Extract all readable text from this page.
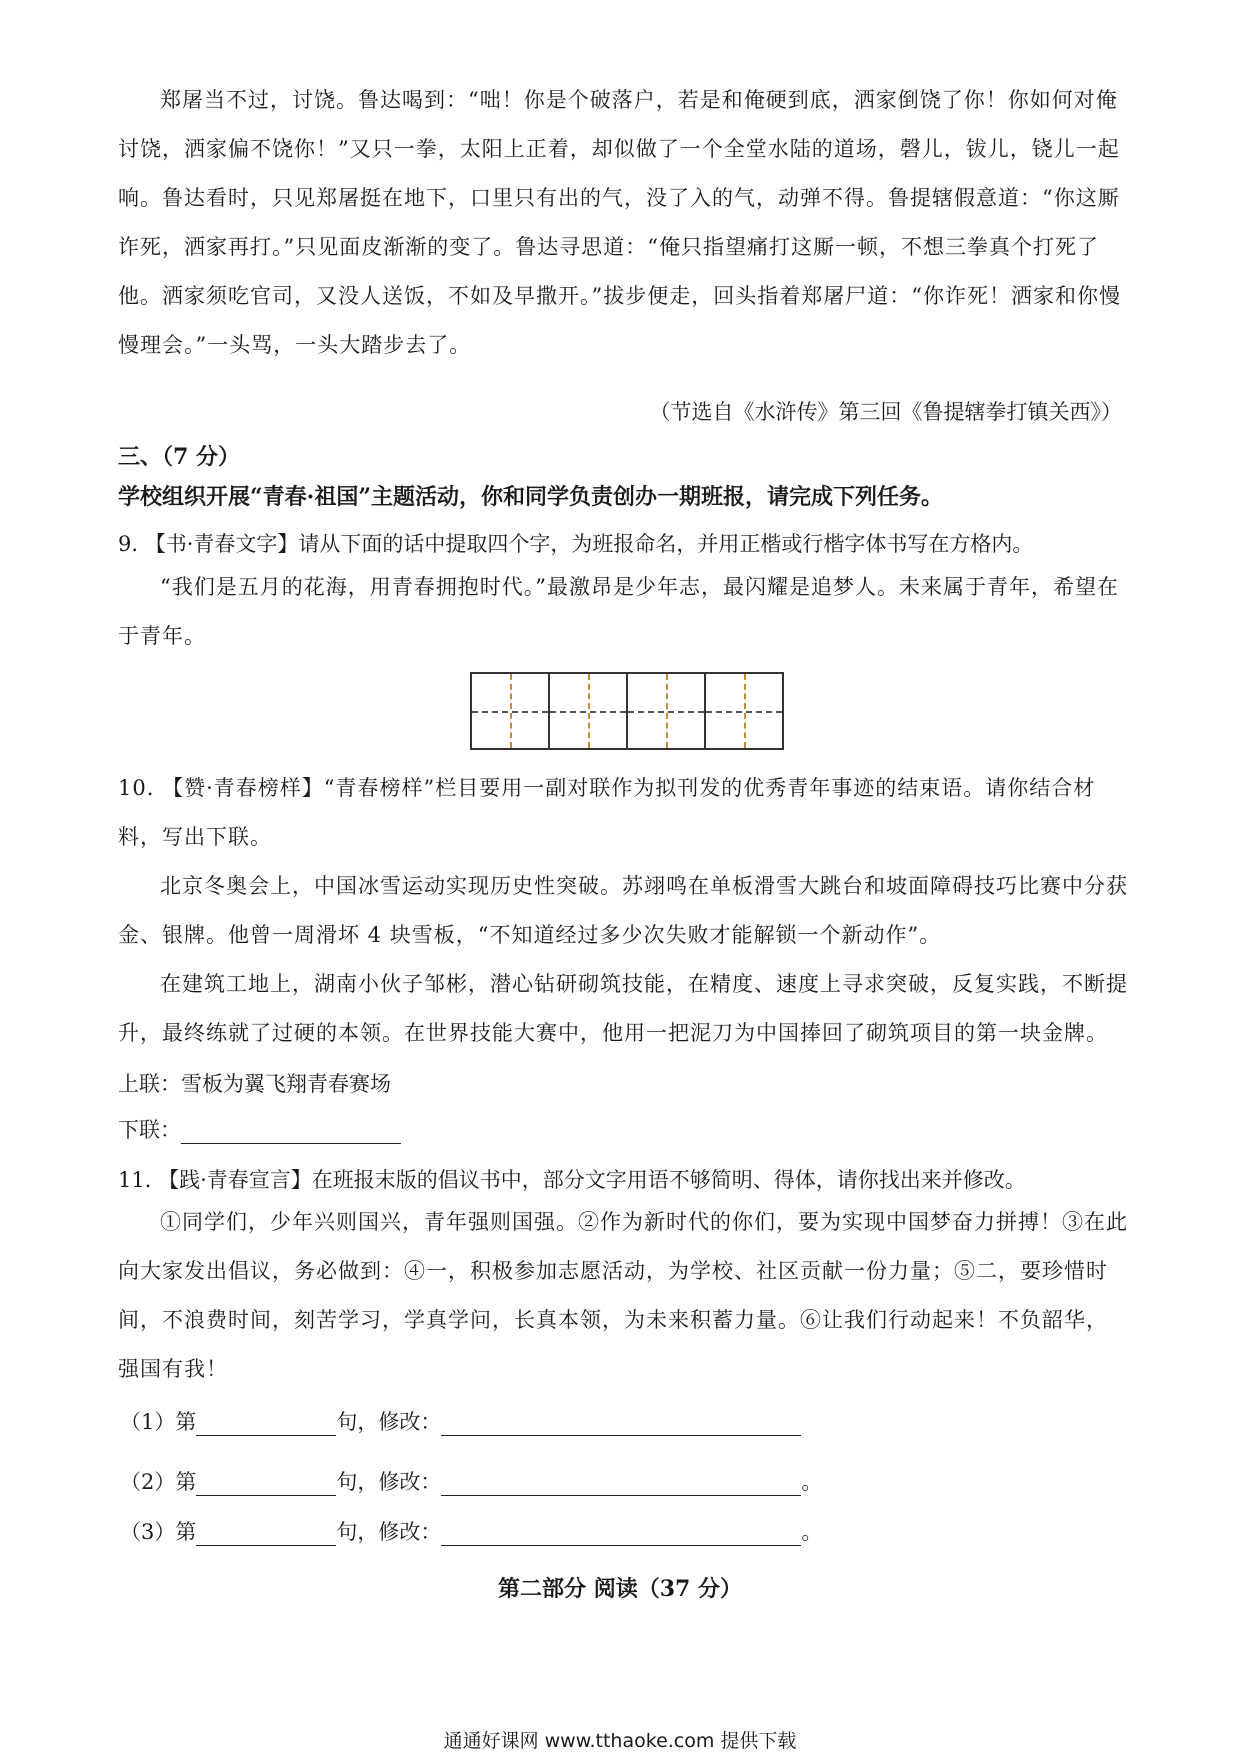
郑屠当不过，讨饶。鲁达喝到：“咄！你是个破落户，若是和俺硬到底，洒家倒饶了你！你如何对俺讨饶，洒家偏不饶你！”又只一拳，太阳上正着，却似做了一个全堂水陆的道场，磬儿，钹儿，铙儿一起响。鲁达看时，只见郑屠挺在地下，口里只有出的气，没了入的气，动弹不得。鲁提辖假意道：“你这厮诈死，洒家再打。”只见面皮渐渐的变了。鲁达寻思道：“俺只指望痛打这厮一顿，不想三拳真个打死了他。洒家须吃官司，又没人送饭，不如及早撒开。”拔步便走，回头指着郑屠尸道：“你诈死！洒家和你慢慢理会。”一头骂，一头大踏步去了。

（节选自《水浒传》第三回《鲁提辖拳打镇关西》）
三、（7 分）
学校组织开展“青春·祖国”主题活动，你和同学负责创办一期班报，请完成下列任务。
9. 【书·青春文字】请从下面的话中提取四个字，为班报命名，并用正楷或行楷字体书写在方格内。

“我们是五月的花海，用青春拥抱时代。”最激昂是少年志，最闪耀是追梦人。未来属于青年，希望在于青年。

10. 【赞·青春榜样】“青春榜样”栏目要用一副对联作为拟刊发的优秀青年事迹的结束语。请你结合材料，写出下联。

北京冬奥会上，中国冰雪运动实现历史性突破。苏翊鸣在单板滑雪大跳台和坡面障碍技巧比赛中分获金、银牌。他曾一周滑坏 4 块雪板，“不知道经过多少次失败才能解锁一个新动作”。

在建筑工地上，湖南小伙子邹彬，潜心钻研砌筑技能，在精度、速度上寻求突破，反复实践，不断提升，最终练就了过硬的本领。在世界技能大赛中，他用一把泥刀为中国捧回了砌筑项目的第一块金牌。

上联：雪板为翼飞翔青春赛场
下联：
11. 【践·青春宣言】在班报末版的倡议书中，部分文字用语不够简明、得体，请你找出来并修改。

①同学们，少年兴则国兴，青年强则国强。②作为新时代的你们，要为实现中国梦奋力拼搏！③在此向大家发出倡议，务必做到：④一，积极参加志愿活动，为学校、社区贡献一份力量；⑤二，要珍惜时间，不浪费时间，刻苦学习，学真学问，长真本领，为未来积蓄力量。⑥让我们行动起来！不负韶华，强国有我！

（1）第	句，修改：
（2）第	句，修改：	。
（3）第	句，修改：	。
第二部分 阅读（37 分）
通通好课网 www.tthaoke.com 提供下载
